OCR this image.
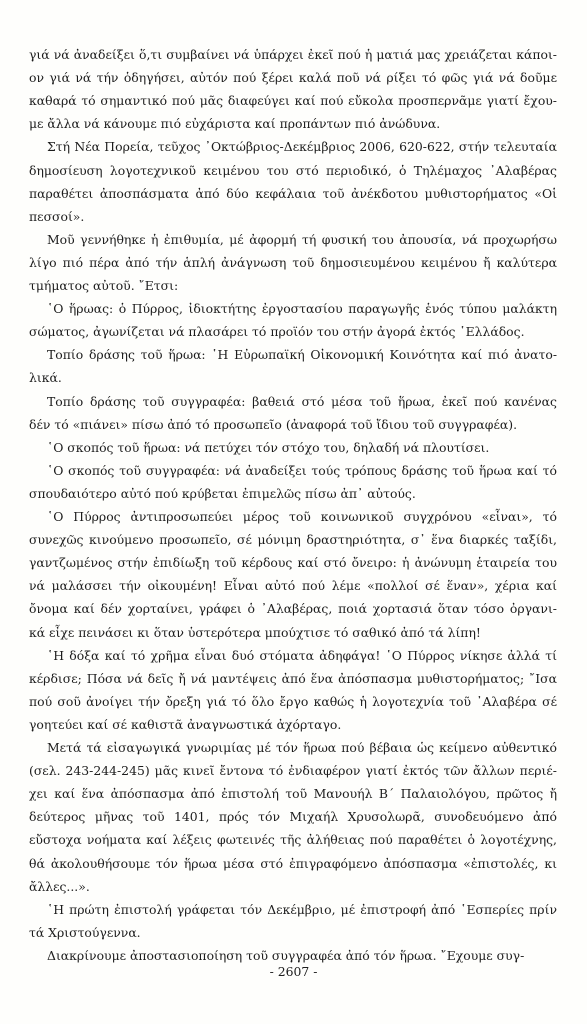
γιά νά ἀναδείξει ὅ,τι συμβαίνει νά ὑπάρχει ἐκεῖ πού ἡ ματιά μας χρειάζεται κάποι-
ον γιά νά τήν ὁδηγήσει, αὐτόν πού ξέρει καλά ποῦ νά ρίξει τό φῶς γιά νά δοῦμε
καθαρά τό σημαντικό πού μᾶς διαφεύγει καί πού εὔκολα προσπερνᾶμε γιατί ἔχου-
με ἄλλα νά κάνουμε πιό εὐχάριστα καί προπάντων πιό ἀνώδυνα.
Στή Νέα Πορεία, τεῦχος ᾿Οκτώβριος-Δεκέμβριος 2006, 620-622, στήν τελευταία
δημοσίευση λογοτεχνικοῦ κειμένου του στό περιοδικό, ὁ Τηλέμαχος ᾿Αλαβέρας
παραθέτει ἀποσπάσματα ἀπό δύο κεφάλαια τοῦ ἀνέκδοτου μυθιστορήματος «Οἱ
πεσσοί».
Μοῦ γεννήθηκε ἡ ἐπιθυμία, μέ ἀφορμή τή φυσική του ἀπουσία, νά προχωρήσω
λίγο πιό πέρα ἀπό τήν ἁπλή ἀνάγνωση τοῦ δημοσιευμένου κειμένου ἤ καλύτερα
τμήματος αὐτοῦ. ῎Ετσι:
῾Ο ἥρωας: ὁ Πύρρος, ἰδιοκτήτης ἐργοστασίου παραγωγῆς ἑνός τύπου μαλάκτη
σώματος, ἀγωνίζεται νά πλασάρει τό προϊόν του στήν ἀγορά ἐκτός ῾Ελλάδος.
Τοπίο δράσης τοῦ ἥρωα: ῾Η Εὐρωπαϊκή Οἰκονομική Κοινότητα καί πιό ἀνατο-
λικά.
Τοπίο δράσης τοῦ συγγραφέα: βαθειά στό μέσα τοῦ ἥρωα, ἐκεῖ πού κανένας
δέν τό «πιάνει» πίσω ἀπό τό προσωπεῖο (ἀναφορά τοῦ ἴδιου τοῦ συγγραφέα).
῾Ο σκοπός τοῦ ἥρωα: νά πετύχει τόν στόχο του, δηλαδή νά πλουτίσει.
῾Ο σκοπός τοῦ συγγραφέα: νά ἀναδείξει τούς τρόπους δράσης τοῦ ἥρωα καί τό
σπουδαιότερο αὐτό πού κρύβεται ἐπιμελῶς πίσω ἀπ᾿ αὐτούς.
῾Ο Πύρρος ἀντιπροσωπεύει μέρος τοῦ κοινωνικοῦ συγχρόνου «εἶναι», τό
συνεχῶς κινούμενο προσωπεῖο, σέ μόνιμη δραστηριότητα, σ᾿ ἕνα διαρκές ταξίδι,
γαντζωμένος στήν ἐπιδίωξη τοῦ κέρδους καί στό ὄνειρο: ἡ ἀνώνυμη ἑταιρεία του
νά μαλάσσει τήν οἰκουμένη! Εἶναι αὐτό πού λέμε «πολλοί σέ ἕναν», χέρια καί
ὄνομα καί δέν χορταίνει, γράφει ὁ ᾿Αλαβέρας, ποιά χορτασιά ὅταν τόσο ὀργανι-
κά εἶχε πεινάσει κι ὅταν ὑστερότερα μπούχτισε τό σαθικό ἀπό τά λίπη!
῾Η δόξα καί τό χρῆμα εἶναι δυό στόματα ἀδηφάγα! ῾Ο Πύρρος νίκησε ἀλλά τί
κέρδισε; Πόσα νά δεῖς ἤ νά μαντέψεις ἀπό ἕνα ἀπόσπασμα μυθιστορήματος; ῎Ισα
πού σοῦ ἀνοίγει τήν ὄρεξη γιά τό ὅλο ἔργο καθώς ἡ λογοτεχνία τοῦ ᾿Αλαβέρα σέ
γοητεύει καί σέ καθιστᾶ ἀναγνωστικά ἀχόρταγο.
Μετά τά εἰσαγωγικά γνωριμίας μέ τόν ἥρωα πού βέβαια ὡς κείμενο αὐθεντικό
(σελ. 243-244-245) μᾶς κινεῖ ἔντονα τό ἐνδιαφέρον γιατί ἐκτός τῶν ἄλλων περιέ-
χει καί ἕνα ἀπόσπασμα ἀπό ἐπιστολή τοῦ Μανουήλ Β΄ Παλαιολόγου, πρῶτος ἤ
δεύτερος μῆνας τοῦ 1401, πρός τόν Μιχαήλ Χρυσολωρᾶ, συνοδευόμενο ἀπό
εὔστοχα νοήματα καί λέξεις φωτεινές τῆς ἀλήθειας πού παραθέτει ὁ λογοτέχνης,
θά ἀκολουθήσουμε τόν ἥρωα μέσα στό ἐπιγραφόμενο ἀπόσπασμα «ἐπιστολές, κι
ἄλλες...».
῾Η πρώτη ἐπιστολή γράφεται τόν Δεκέμβριο, μέ ἐπιστροφή ἀπό ῾Εσπερίες πρίν
τά Χριστούγεννα.
Διακρίνουμε ἀποστασιοποίηση τοῦ συγγραφέα ἀπό τόν ἥρωα. ῎Εχουμε συγ-
- 2607 -
